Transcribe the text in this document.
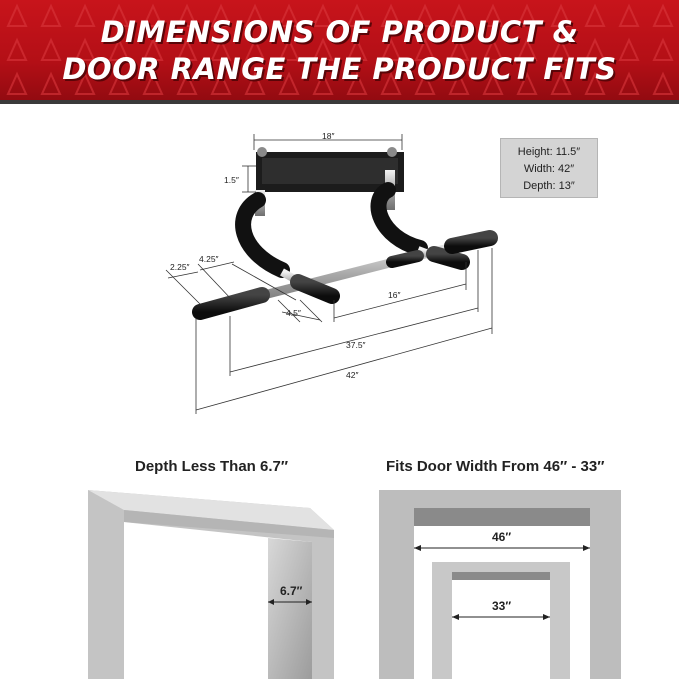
DIMENSIONS OF PRODUCT &
DOOR RANGE THE PRODUCT FITS
18″
1.5″
2.25″
4.25″
4.5″
16″
37.5″
42″
Height: 11.5″
Width: 42″
Depth: 13″
Depth Less Than 6.7″	Fits Door Width From 46″ - 33″
6.7″
46″
33″
